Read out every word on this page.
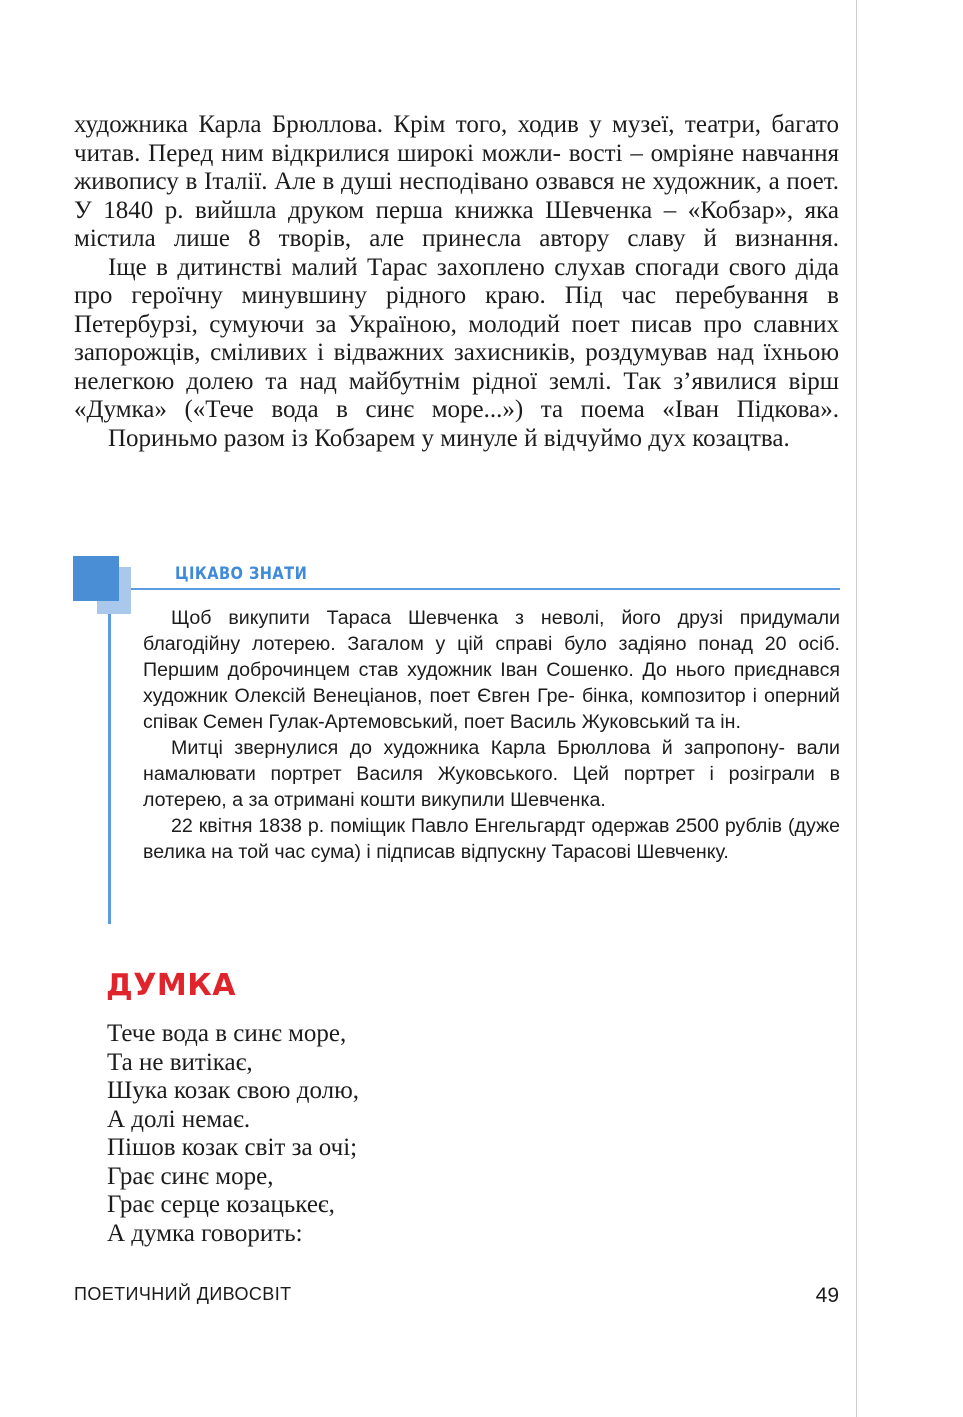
художника Карла Брюллова. Крім того, ходив у музеї, театри, багато читав. Перед ним відкрилися широкі можли- вості – омріяне навчання живопису в Італії. Але в душі несподівано озвався не художник, а поет. У 1840 р. вийшла друком перша книжка Шевченка – «Кобзар», яка містила лише 8 творів, але принесла автору славу й визнання.

Іще в дитинстві малий Тарас захоплено слухав спогади свого діда про героїчну минувшину рідного краю. Під час перебування в Петербурзі, сумуючи за Україною, молодий поет писав про славних запорожців, сміливих і відважних захисників, роздумував над їхньою нелегкою долею та над майбутнім рідної землі. Так з’явилися вірш «Думка» («Тече вода в синє море...») та поема «Іван Підкова».

Пориньмо разом із Кобзарем у минуле й відчуймо дух козацтва.

ЦІКАВО ЗНАТИ

Щоб викупити Тараса Шевченка з неволі, його друзі придумали благодійну лотерею. Загалом у цій справі було задіяно понад 20 осіб. Першим доброчинцем став художник Іван Сошенко. До нього приєднався художник Олексій Венеціанов, поет Євген Гре- бінка, композитор і оперний співак Семен Гулак-Артемовський, поет Василь Жуковський та ін.

Митці звернулися до художника Карла Брюллова й запропону- вали намалювати портрет Василя Жуковського. Цей портрет і розіграли в лотерею, а за отримані кошти викупили Шевченка.

22 квітня 1838 р. поміщик Павло Енгельгардт одержав 2500 рублів (дуже велика на той час сума) і підписав відпускну Тарасові Шевченку.

ДУМКА
Тече вода в синє море,
Та не витікає,
Шука козак свою долю,
А долі немає.
Пішов козак світ за очі;
Грає синє море,
Грає серце козацькеє,
А думка говорить:
ПОЕТИЧНИЙ ДИВОСВІТ	49
